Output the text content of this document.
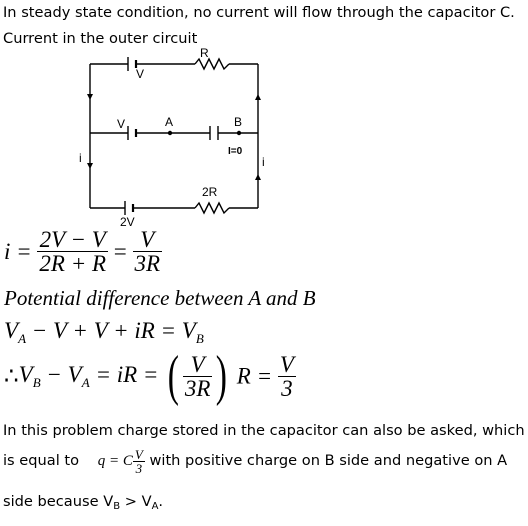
In steady state condition, no current will flow through the capacitor C.
Current in the outer circuit
R
V
V	A	B
I=0
i	i
2R
2V
$i = \frac{2V - V}{2R + R} = \frac{V}{3R}$
Potential difference between A and B
$V_A - V + V$ + iR = $V_B$
$\therefore V_B - V_A$ = iR = ( $\frac{V}{3R}$ ) $R = \frac{V}{3}$
In this problem charge stored in the capacitor can also be asked, which
is equal to q = C $\frac{V}{3}$ with positive charge on B side and negative on A
side because $V_B > V_A$.
